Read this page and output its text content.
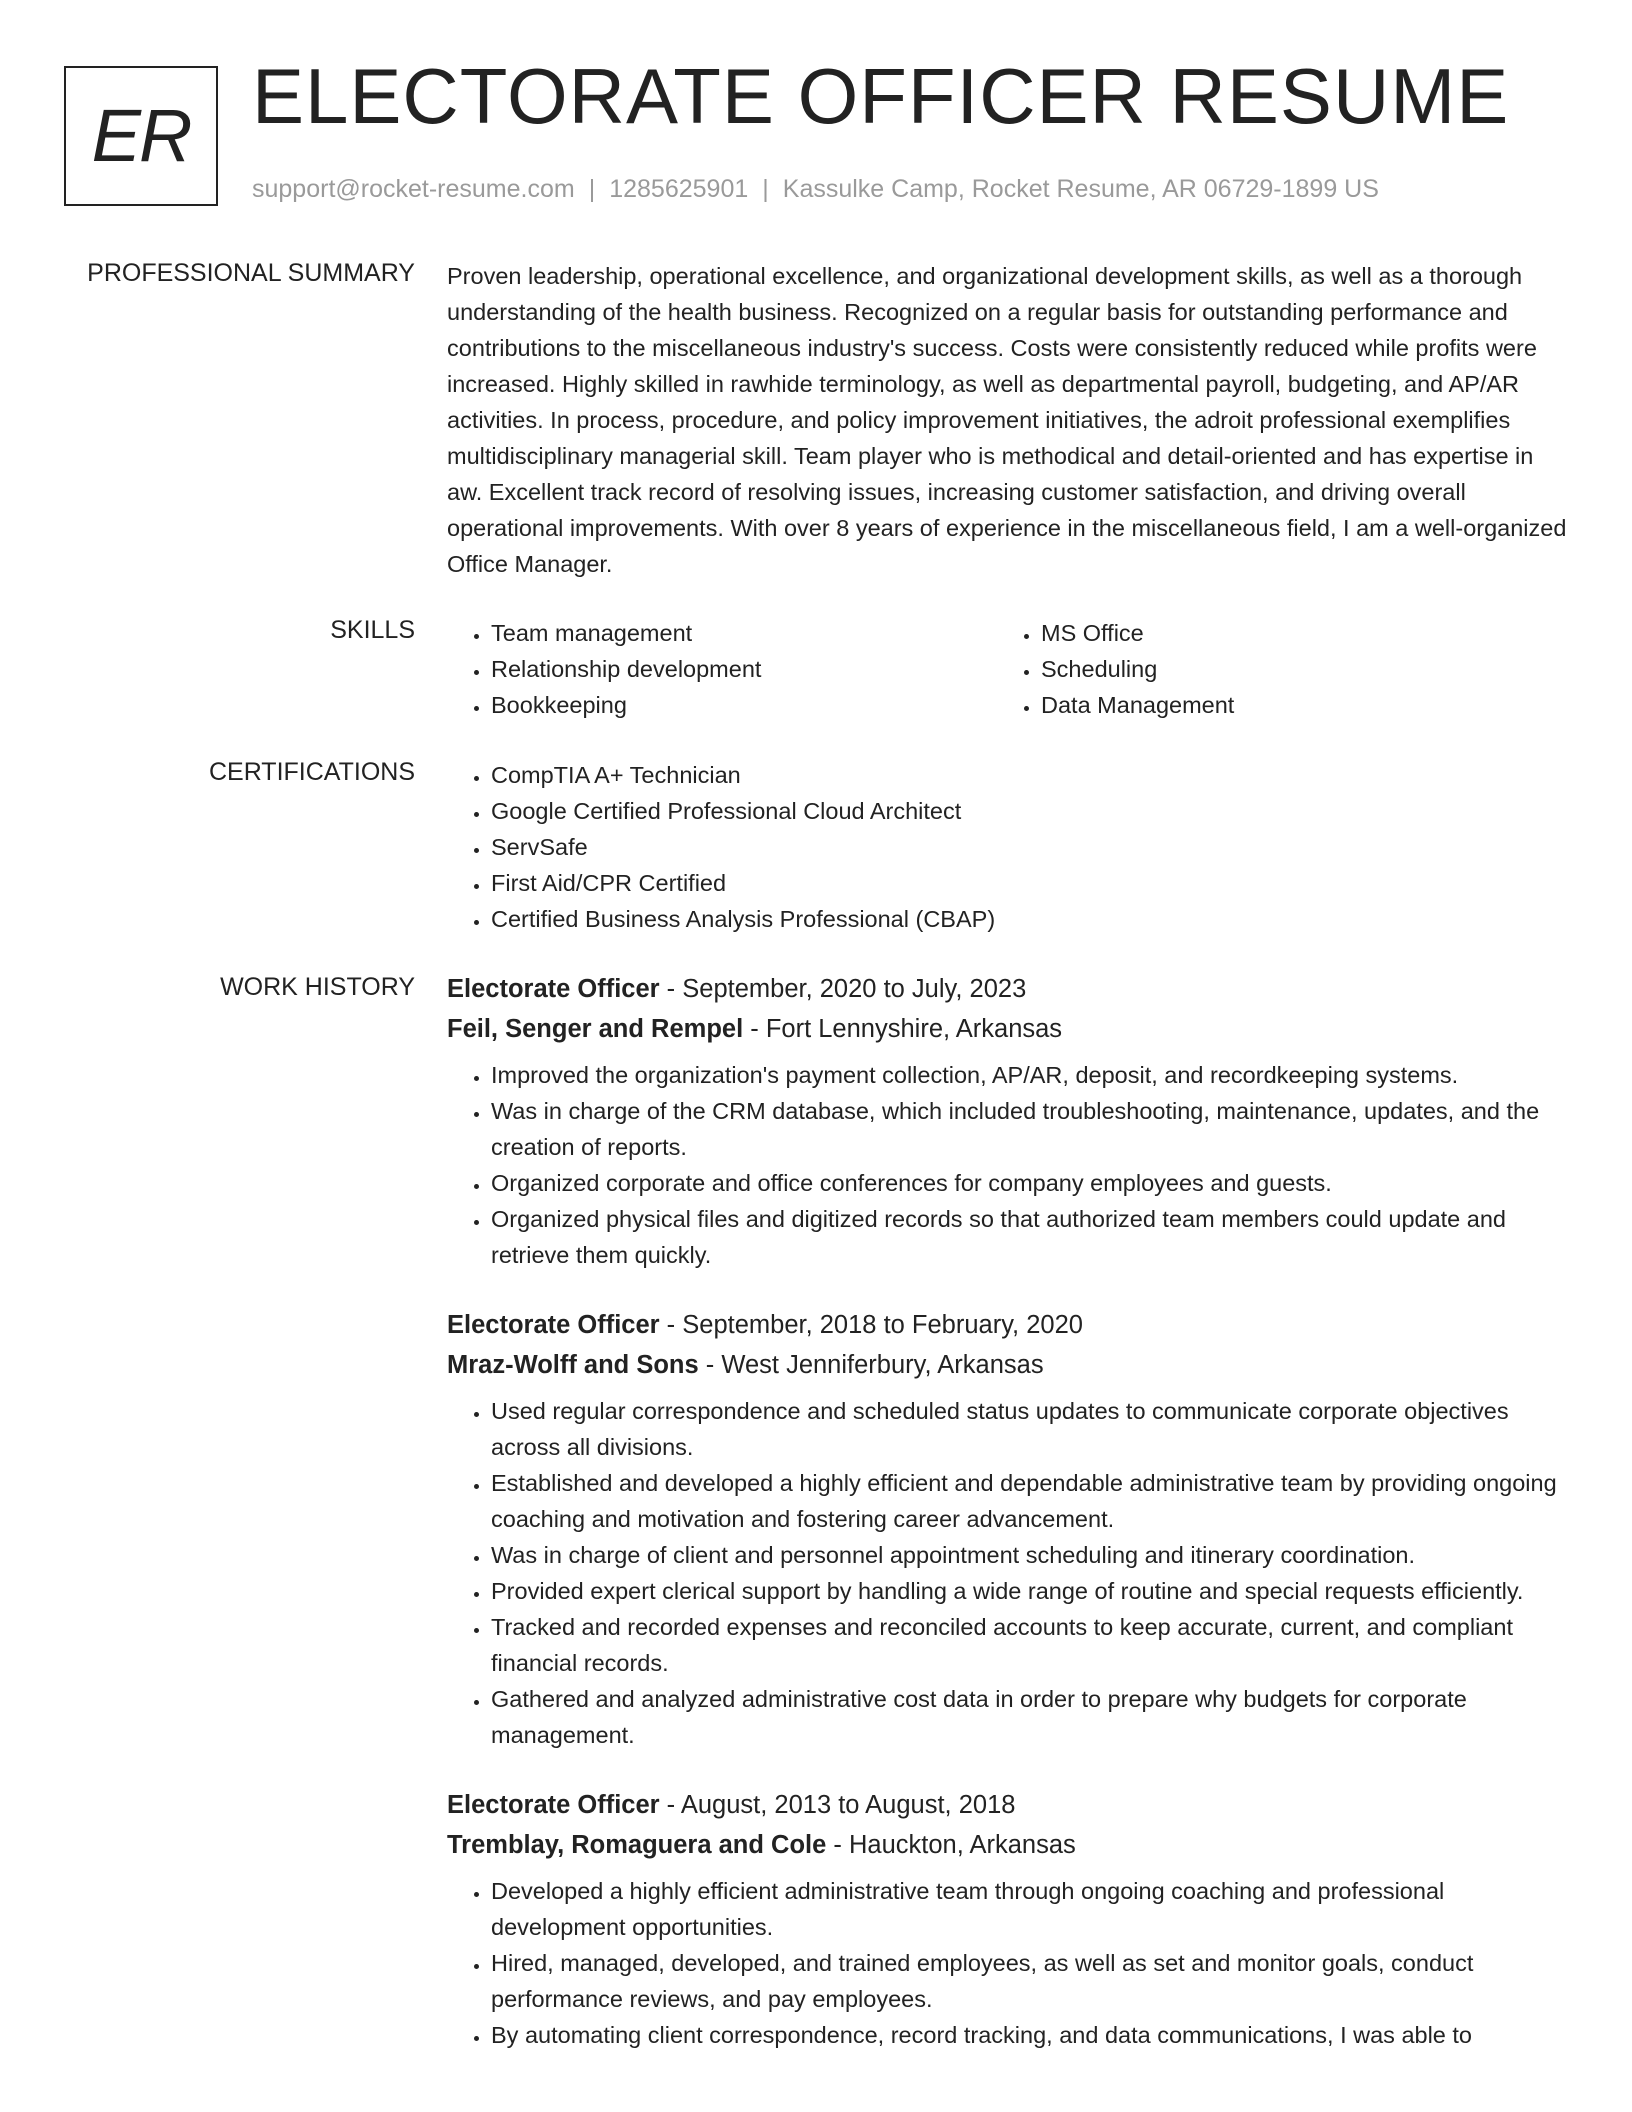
ER ELECTORATE OFFICER RESUME
support@rocket-resume.com | 1285625901 | Kassulke Camp, Rocket Resume, AR 06729-1899 US
PROFESSIONAL SUMMARY Proven leadership, operational excellence, and organizational development skills, as well as a thorough understanding of the health business. Recognized on a regular basis for outstanding performance and contributions to the miscellaneous industry's success. Costs were consistently reduced while profits were increased. Highly skilled in rawhide terminology, as well as departmental payroll, budgeting, and AP/AR activities. In process, procedure, and policy improvement initiatives, the adroit professional exemplifies multidisciplinary managerial skill. Team player who is methodical and detail-oriented and has expertise in aw. Excellent track record of resolving issues, increasing customer satisfaction, and driving overall operational improvements. With over 8 years of experience in the miscellaneous field, I am a well-organized Office Manager.
SKILLS	• Team management
• Relationship development
• Bookkeeping
• MS Office
• Scheduling
• Data Management
CERTIFICATIONS	• CompTIA A+ Technician
• Google Certified Professional Cloud Architect
• ServSafe
• First Aid/CPR Certified
• Certified Business Analysis Professional (CBAP)
WORK HISTORY Electorate Officer - September, 2020 to July, 2023
Feil, Senger and Rempel - Fort Lennyshire, Arkansas
• Improved the organization's payment collection, AP/AR, deposit, and recordkeeping systems.
• Was in charge of the CRM database, which included troubleshooting, maintenance, updates, and the creation of reports.
• Organized corporate and office conferences for company employees and guests.
• Organized physical files and digitized records so that authorized team members could update and retrieve them quickly.
Electorate Officer - September, 2018 to February, 2020
Mraz-Wolff and Sons - West Jenniferbury, Arkansas
• Used regular correspondence and scheduled status updates to communicate corporate objectives across all divisions.
• Established and developed a highly efficient and dependable administrative team by providing ongoing coaching and motivation and fostering career advancement.
• Was in charge of client and personnel appointment scheduling and itinerary coordination.
• Provided expert clerical support by handling a wide range of routine and special requests efficiently.
• Tracked and recorded expenses and reconciled accounts to keep accurate, current, and compliant financial records.
• Gathered and analyzed administrative cost data in order to prepare why budgets for corporate management.
Electorate Officer - August, 2013 to August, 2018
Tremblay, Romaguera and Cole - Hauckton, Arkansas
• Developed a highly efficient administrative team through ongoing coaching and professional development opportunities.
• Hired, managed, developed, and trained employees, as well as set and monitor goals, conduct performance reviews, and pay employees.
• By automating client correspondence, record tracking, and data communications, I was able to
